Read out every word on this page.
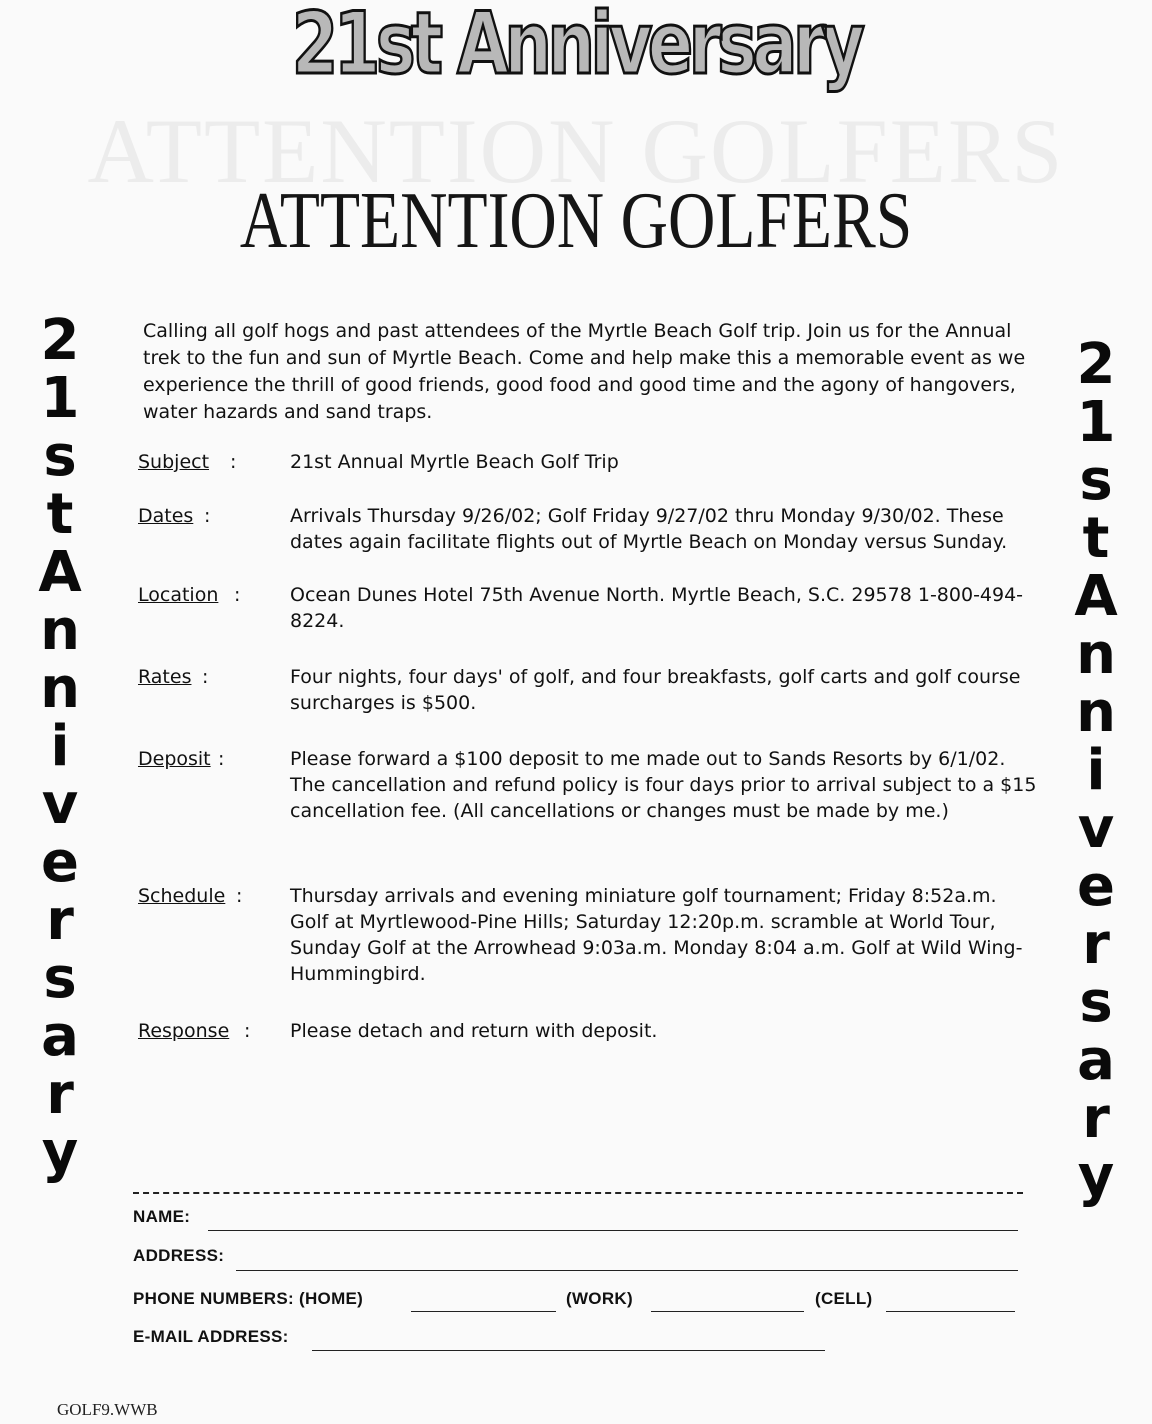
21st Anniversary
ATTENTION GOLFERS
ATTENTION GOLFERS
2
1
s
t
A
n
n
i
v
e
r
s
a
r
y
2
1
s
t
A
n
n
i
v
e
r
s
a
r
y

Calling all golf hogs and past attendees of the Myrtle Beach Golf trip. Join us for the Annual trek to the fun and sun of Myrtle Beach. Come and help make this a memorable event as we experience the thrill of good friends, good food and good time and the agony of hangovers, water hazards and sand traps.

Subject :	21st Annual Myrtle Beach Golf Trip
Dates :	Arrivals Thursday 9/26/02; Golf Friday 9/27/02 thru Monday 9/30/02. These dates again facilitate flights out of Myrtle Beach on Monday versus Sunday.
Location :	Ocean Dunes Hotel 75th Avenue North. Myrtle Beach, S.C. 29578 1-800-494-8224.
Rates :	Four nights, four days' of golf, and four breakfasts, golf carts and golf course surcharges is $500.
Deposit :	Please forward a $100 deposit to me made out to Sands Resorts by 6/1/02. The cancellation and refund policy is four days prior to arrival subject to a $15 cancellation fee. (All cancellations or changes must be made by me.)
Schedule :	Thursday arrivals and evening miniature golf tournament; Friday 8:52a.m. Golf at Myrtlewood-Pine Hills; Saturday 12:20p.m. scramble at World Tour, Sunday Golf at the Arrowhead 9:03a.m. Monday 8:04 a.m. Golf at Wild Wing-Hummingbird.
Response : Please detach and return with deposit.
NAME:
ADDRESS:
PHONE NUMBERS: (HOME)	(WORK)	(CELL)
E-MAIL ADDRESS:
GOLF9.WWB
